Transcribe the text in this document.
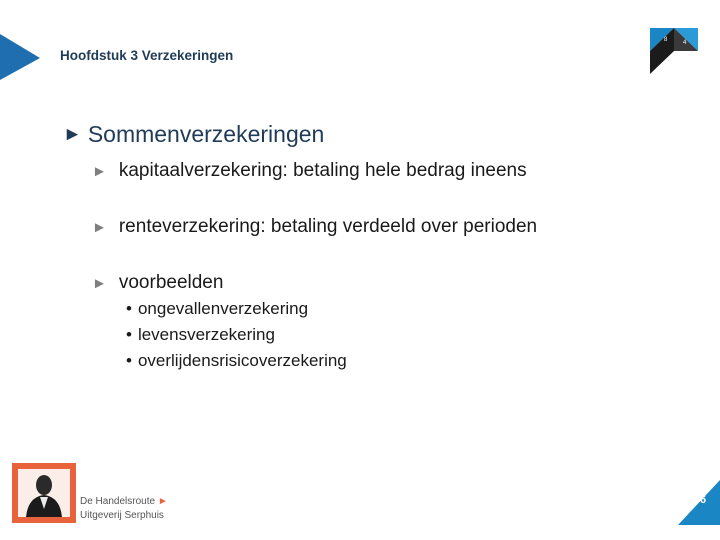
Hoofdstuk 3 Verzekeringen
8	4
► Sommenverzekeringen
► kapitaalverzekering: betaling hele bedrag ineens
► renteverzekering: betaling verdeeld over perioden
► voorbeelden
• ongevallenverzekering
• levensverzekering
• overlijdensrisicoverzekering
De Handelsroute ►
Uitgeverij Serphuis
6
